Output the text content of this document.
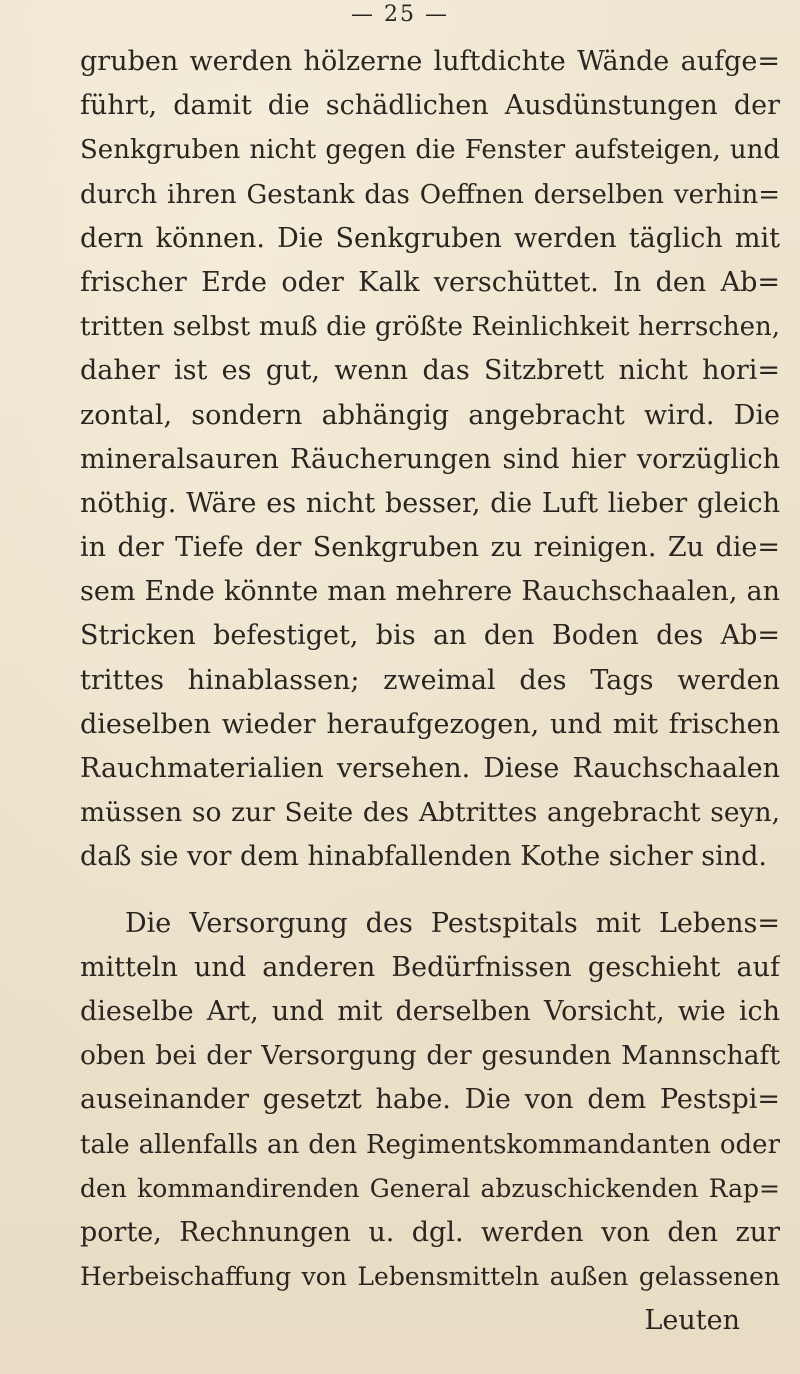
— 25 —
gruben werden hölzerne luftdichte Wände aufge=
führt, damit die schädlichen Ausdünstungen der
Senkgruben nicht gegen die Fenster aufsteigen, und
durch ihren Gestank das Oeffnen derselben verhin=
dern können. Die Senkgruben werden täglich mit
frischer Erde oder Kalk verschüttet. In den Ab=
tritten selbst muß die größte Reinlichkeit herrschen,
daher ist es gut, wenn das Sitzbrett nicht hori=
zontal, sondern abhängig angebracht wird. Die
mineralsauren Räucherungen sind hier vorzüglich
nöthig. Wäre es nicht besser, die Luft lieber gleich
in der Tiefe der Senkgruben zu reinigen. Zu die=
sem Ende könnte man mehrere Rauchschaalen, an
Stricken befestiget, bis an den Boden des Ab=
trittes hinablassen; zweimal des Tags werden
dieselben wieder heraufgezogen, und mit frischen
Rauchmaterialien versehen. Diese Rauchschaalen
müssen so zur Seite des Abtrittes angebracht seyn,
daß sie vor dem hinabfallenden Kothe sicher sind.
Die Versorgung des Pestspitals mit Lebens=
mitteln und anderen Bedürfnissen geschieht auf
dieselbe Art, und mit derselben Vorsicht, wie ich
oben bei der Versorgung der gesunden Mannschaft
auseinander gesetzt habe. Die von dem Pestspi=
tale allenfalls an den Regimentskommandanten oder
den kommandirenden General abzuschickenden Rap=
porte, Rechnungen u. dgl. werden von den zur
Herbeischaffung von Lebensmitteln außen gelassenen
Leuten
